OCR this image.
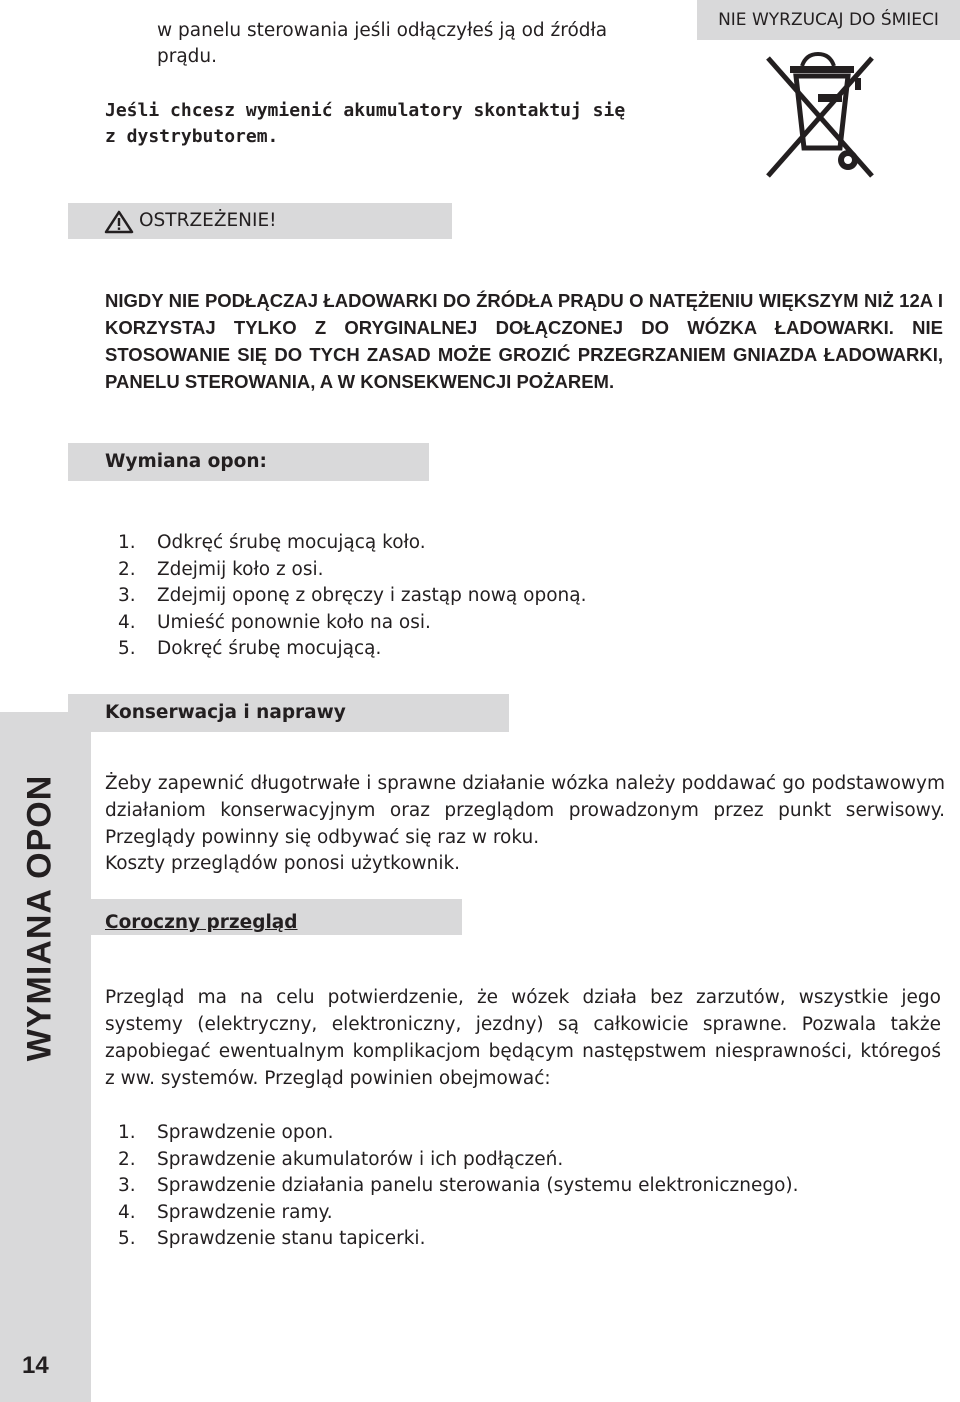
w panelu sterowania jeśli odłączyłeś ją od źródła
prądu.
Jeśli chcesz wymienić akumulatory skontaktuj się
z dystrybutorem.
NIE WYRZUCAJ DO ŚMIECI
OSTRZEŻENIE!
NIGDY NIE PODŁĄCZAJ ŁADOWARKI DO ŹRÓDŁA PRĄDU O NATĘŻENIU WIĘKSZYM NIŻ 12A I KORZYSTAJ TYLKO Z ORYGINALNEJ DOŁĄCZONEJ DO WÓZKA ŁADOWARKI. NIE STOSOWANIE SIĘ DO TYCH ZASAD MOŻE GROZIĆ PRZEGRZANIEM GNIAZDA ŁADOWARKI, PANELU STEROWANIA, A W KONSEKWENCJI POŻAREM.
Wymiana opon:
1. Odkręć śrubę mocującą koło.
2. Zdejmij koło z osi.
3. Zdejmij oponę z obręczy i zastąp nową oponą.
4. Umieść ponownie koło na osi.
5. Dokręć śrubę mocującą.
WYMIANA OPON
14
Konserwacja i naprawy
Żeby zapewnić długotrwałe i sprawne działanie wózka należy poddawać go podstawowym działaniom konserwacyjnym oraz przeglądom prowadzonym przez punkt serwisowy. Przeglądy powinny się odbywać się raz w roku.
Koszty przeglądów ponosi użytkownik.
Coroczny przegląd
Przegląd ma na celu potwierdzenie, że wózek działa bez zarzutów, wszystkie jego systemy (elektryczny, elektroniczny, jezdny) są całkowicie sprawne. Pozwala także zapobiegać ewentualnym komplikacjom będącym następstwem niesprawności, któregoś z ww. systemów. Przegląd powinien obejmować:
1. Sprawdzenie opon.
2. Sprawdzenie akumulatorów i ich podłączeń.
3. Sprawdzenie działania panelu sterowania (systemu elektronicznego).
4. Sprawdzenie ramy.
5. Sprawdzenie stanu tapicerki.
